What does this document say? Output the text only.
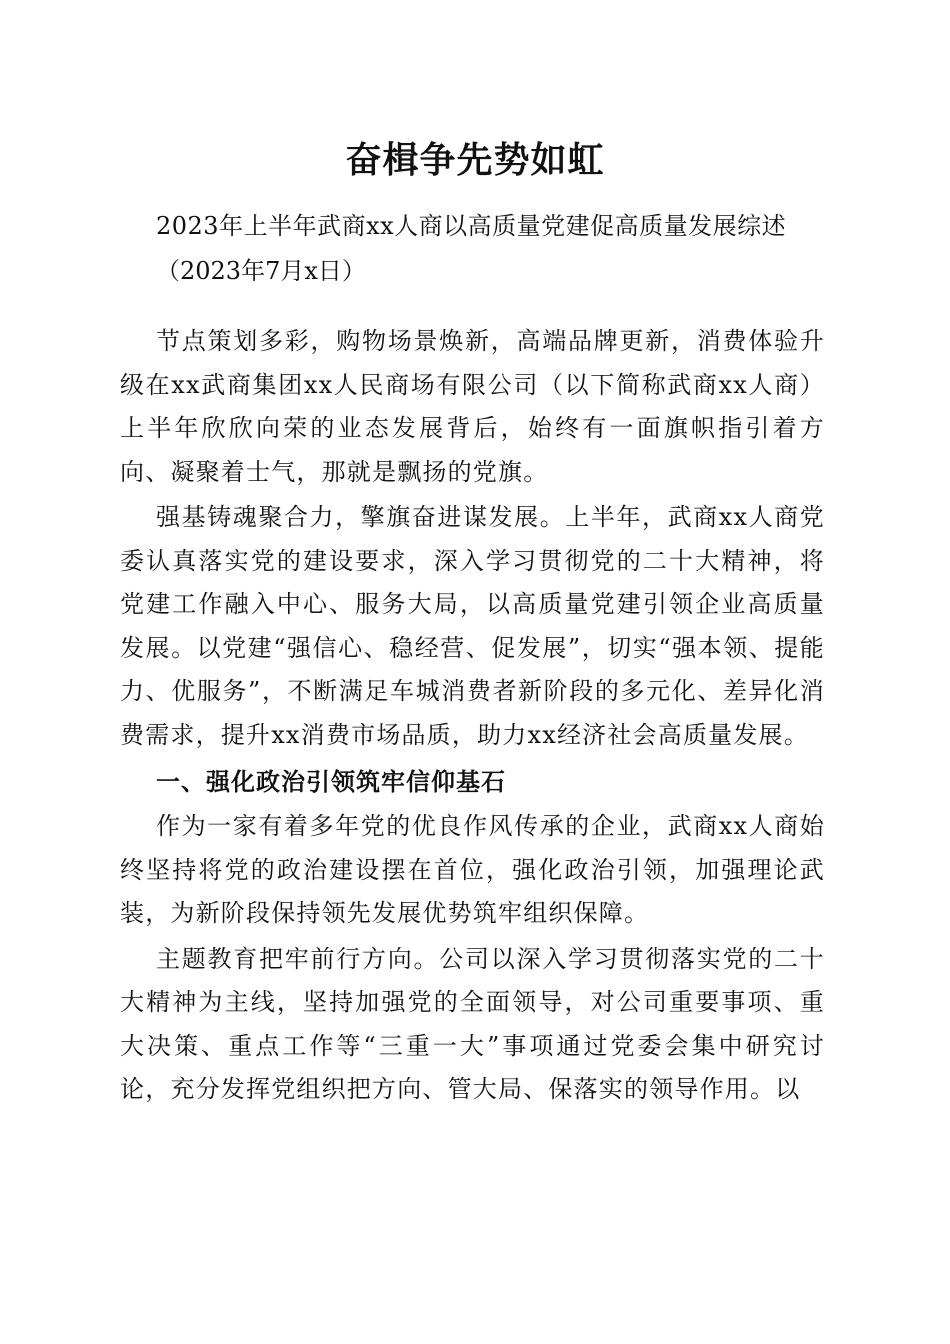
奋楫争先势如虹

2023年上半年武商xx人商以高质量党建促高质量发展综述

（2023年7月x日）

节点策划多彩，购物场景焕新，高端品牌更新，消费体验升级在xx武商集团xx人民商场有限公司（以下简称武商xx人商）上半年欣欣向荣的业态发展背后，始终有一面旗帜指引着方向、凝聚着士气，那就是飘扬的党旗。

强基铸魂聚合力，擎旗奋进谋发展。上半年，武商xx人商党委认真落实党的建设要求，深入学习贯彻党的二十大精神，将党建工作融入中心、服务大局，以高质量党建引领企业高质量发展。以党建“强信心、稳经营、促发展”，切实“强本领、提能力、优服务”，不断满足车城消费者新阶段的多元化、差异化消费需求，提升xx消费市场品质，助力xx经济社会高质量发展。

一、强化政治引领筑牢信仰基石

作为一家有着多年党的优良作风传承的企业，武商xx人商始终坚持将党的政治建设摆在首位，强化政治引领，加强理论武装，为新阶段保持领先发展优势筑牢组织保障。

主题教育把牢前行方向。公司以深入学习贯彻落实党的二十大精神为主线，坚持加强党的全面领导，对公司重要事项、重大决策、重点工作等“三重一大”事项通过党委会集中研究讨论，充分发挥党组织把方向、管大局、保落实的领导作用。以
